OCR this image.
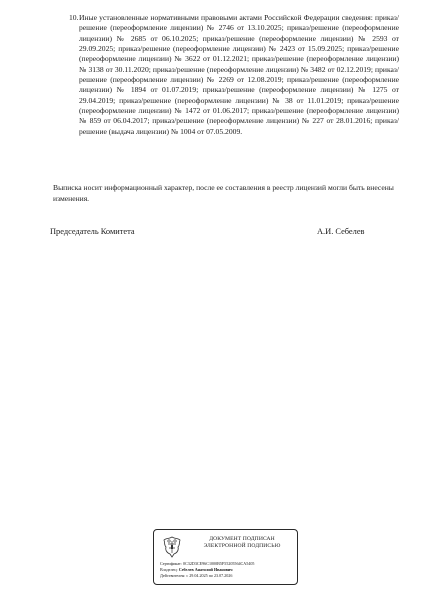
10. Иные установленные нормативными правовыми актами Российской Федерации сведения: приказ/решение (переоформление лицензии) № 2746 от 13.10.2025; приказ/решение (переоформление лицензии) № 2685 от 06.10.2025; приказ/решение (переоформление лицензии) № 2593 от 29.09.2025; приказ/решение (переоформление лицензии) № 2423 от 15.09.2025; приказ/решение (переоформление лицензии) № 3622 от 01.12.2021; приказ/решение (переоформление лицензии) № 3138 от 30.11.2020; приказ/решение (переоформление лицензии) № 3482 от 02.12.2019; приказ/решение (переоформление лицензии) № 2269 от 12.08.2019; приказ/решение (переоформление лицензии) № 1894 от 01.07.2019; приказ/решение (переоформление лицензии) № 1275 от 29.04.2019; приказ/решение (переоформление лицензии) № 38 от 11.01.2019; приказ/решение (переоформление лицензии) № 1472 от 01.06.2017; приказ/решение (переоформление лицензии) № 859 от 06.04.2017; приказ/решение (переоформление лицензии) № 227 от 28.01.2016; приказ/решение (выдача лицензии) № 1004 от 07.05.2009.
Выписка носит информационный характер, после ее составления в реестр лицензий могли быть внесены изменения.
Председатель Комитета	А.И. Себелев
ДОКУМЕНТ ПОДПИСАН
ЭЛЕКТРОННОЙ ПОДПИСЬЮ
Сертификат: 0C32D3CE96C1000B5F55205564CA5405
Владелец: Себелев Анатолий Иванович
Действителен: с 29.04.2025 по 23.07.2026
